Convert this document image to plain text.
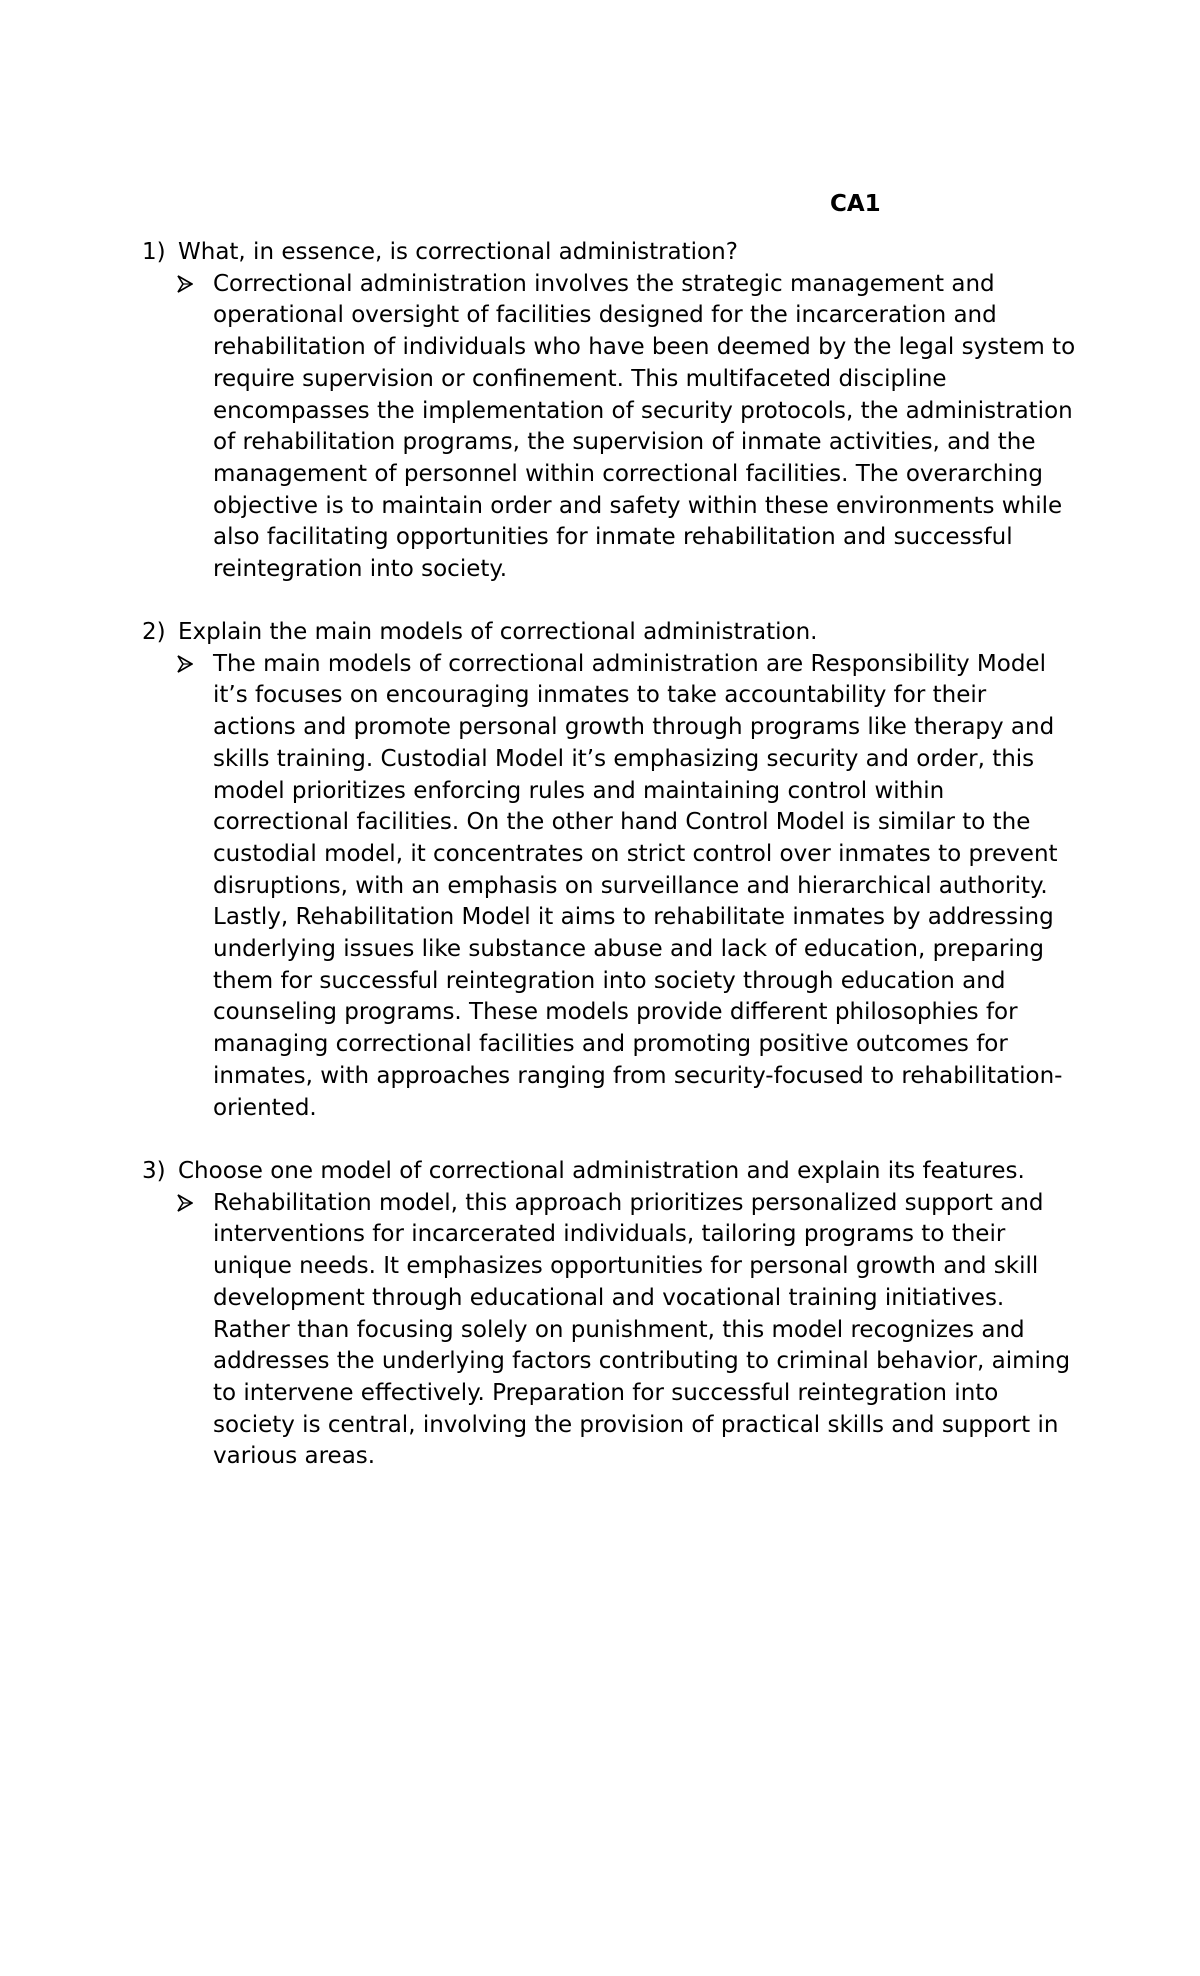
CA1

1) What, in essence, is correctional administration?

Correctional administration involves the strategic management and
operational oversight of facilities designed for the incarceration and
rehabilitation of individuals who have been deemed by the legal system to
require supervision or confinement. This multifaceted discipline
encompasses the implementation of security protocols, the administration
of rehabilitation programs, the supervision of inmate activities, and the
management of personnel within correctional facilities. The overarching
objective is to maintain order and safety within these environments while
also facilitating opportunities for inmate rehabilitation and successful
reintegration into society.

2) Explain the main models of correctional administration.

The main models of correctional administration are Responsibility Model
it’s focuses on encouraging inmates to take accountability for their
actions and promote personal growth through programs like therapy and
skills training. Custodial Model it’s emphasizing security and order, this
model prioritizes enforcing rules and maintaining control within
correctional facilities. On the other hand Control Model is similar to the
custodial model, it concentrates on strict control over inmates to prevent
disruptions, with an emphasis on surveillance and hierarchical authority.
Lastly, Rehabilitation Model it aims to rehabilitate inmates by addressing
underlying issues like substance abuse and lack of education, preparing
them for successful reintegration into society through education and
counseling programs. These models provide different philosophies for
managing correctional facilities and promoting positive outcomes for
inmates, with approaches ranging from security-focused to rehabilitation-
oriented.

3) Choose one model of correctional administration and explain its features.

Rehabilitation model, this approach prioritizes personalized support and
interventions for incarcerated individuals, tailoring programs to their
unique needs. It emphasizes opportunities for personal growth and skill
development through educational and vocational training initiatives.
Rather than focusing solely on punishment, this model recognizes and
addresses the underlying factors contributing to criminal behavior, aiming
to intervene effectively. Preparation for successful reintegration into
society is central, involving the provision of practical skills and support in
various areas.
